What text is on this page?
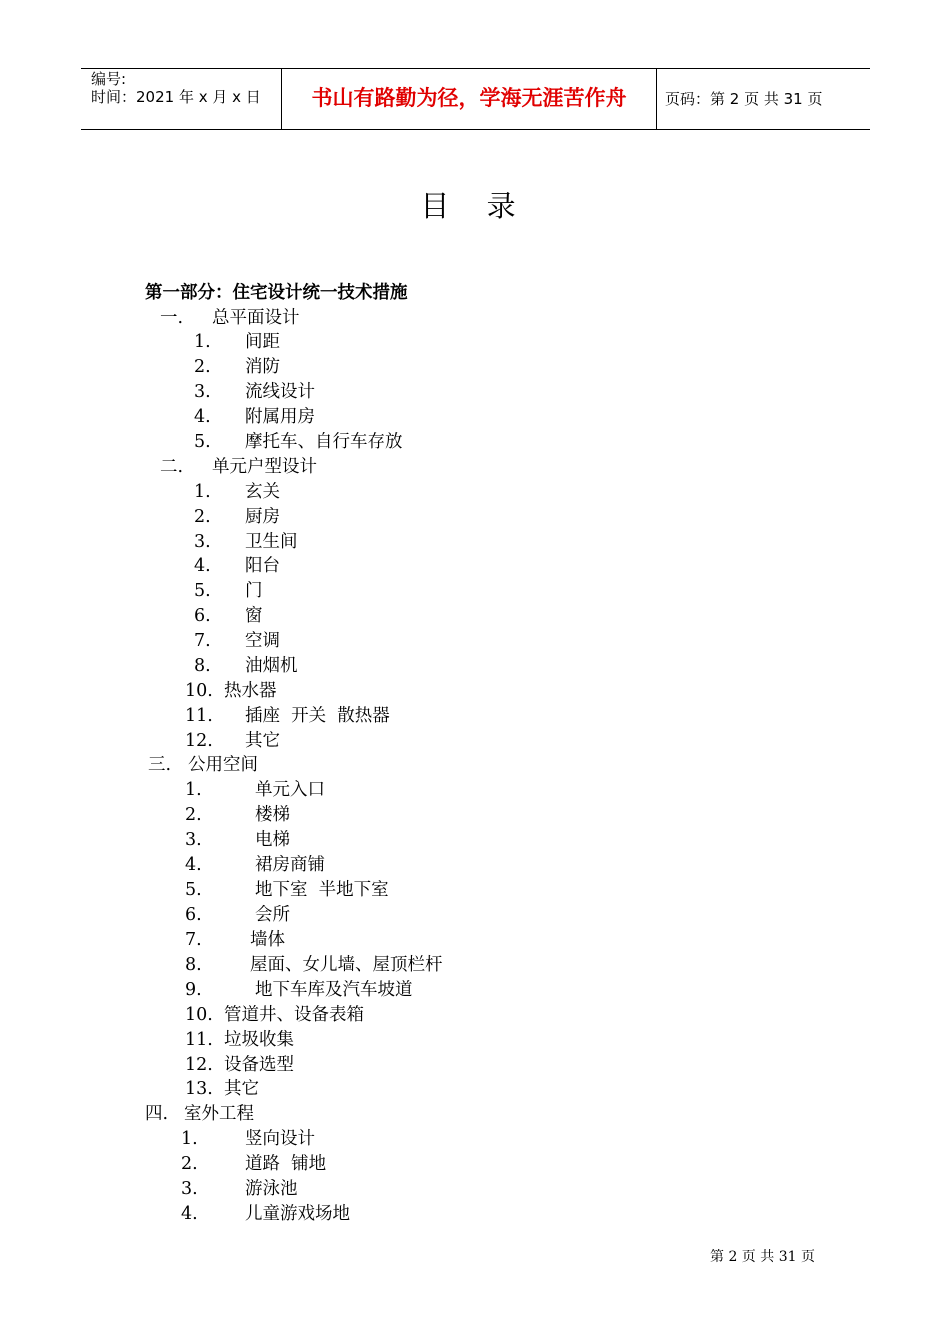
编号:
时间：2021 年 x 月 x 日	书山有路勤为径，学海无涯苦作舟	页码：第 2 页 共 31 页
目 录
第一部分：住宅设计统一技术措施
一. 总平面设计
1. 间距
2. 消防
3. 流线设计
4. 附属用房
5. 摩托车、自行车存放
二. 单元户型设计
1. 玄关
2. 厨房
3. 卫生间
4. 阳台
5. 门
6. 窗
7. 空调
8. 油烟机
10. 热水器
11. 插座  开关  散热器
12. 其它
三. 公用空间
1.	单元入口
2.	楼梯
3.	电梯
4.	裙房商铺
5.	地下室  半地下室
6.	会所
7.	墙体
8.	屋面、女儿墙、屋顶栏杆
9.	地下车库及汽车坡道
10. 管道井、设备表箱
11. 垃圾收集
12. 设备选型
13. 其它
四. 室外工程
1.	竖向设计
2.	道路  铺地
3.	游泳池
4.	儿童游戏场地
第 2 页 共 31 页
